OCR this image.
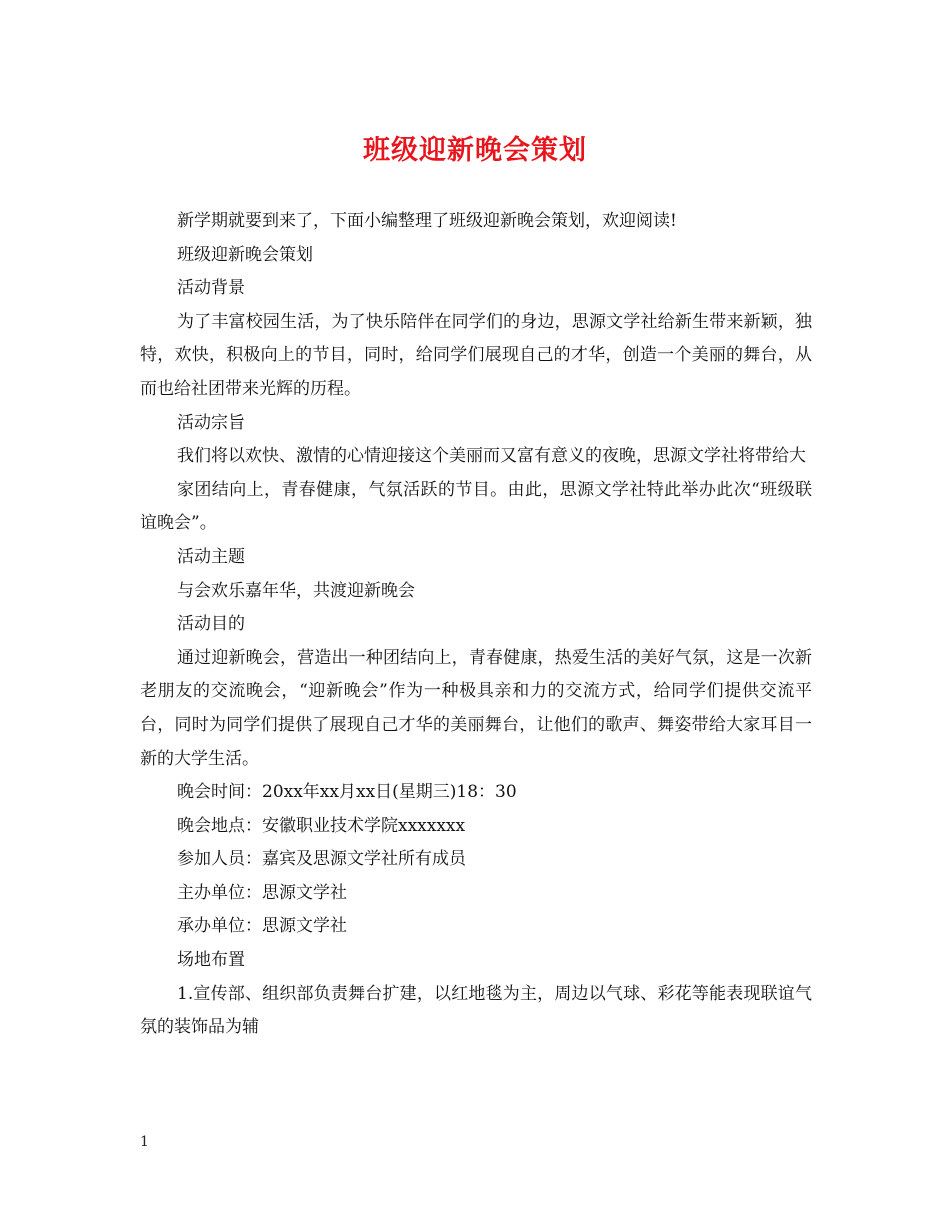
班级迎新晚会策划

新学期就要到来了，下面小编整理了班级迎新晚会策划，欢迎阅读!

班级迎新晚会策划

活动背景

为了丰富校园生活，为了快乐陪伴在同学们的身边，思源文学社给新生带来新颖，独特，欢快，积极向上的节目，同时，给同学们展现自己的才华，创造一个美丽的舞台，从而也给社团带来光辉的历程。

活动宗旨

我们将以欢快、激情的心情迎接这个美丽而又富有意义的夜晚，思源文学社将带给大

家团结向上，青春健康，气氛活跃的节目。由此，思源文学社特此举办此次“班级联谊晚会”。

活动主题

与会欢乐嘉年华，共渡迎新晚会

活动目的

通过迎新晚会，营造出一种团结向上，青春健康，热爱生活的美好气氛，这是一次新老朋友的交流晚会，“迎新晚会”作为一种极具亲和力的交流方式，给同学们提供交流平台，同时为同学们提供了展现自己才华的美丽舞台，让他们的歌声、舞姿带给大家耳目一新的大学生活。

晚会时间：20xx年xx月xx日(星期三)18：30

晚会地点：安徽职业技术学院xxxxxxx

参加人员：嘉宾及思源文学社所有成员

主办单位：思源文学社

承办单位：思源文学社

场地布置

1.宣传部、组织部负责舞台扩建，以红地毯为主，周边以气球、彩花等能表现联谊气氛的装饰品为辅

1
